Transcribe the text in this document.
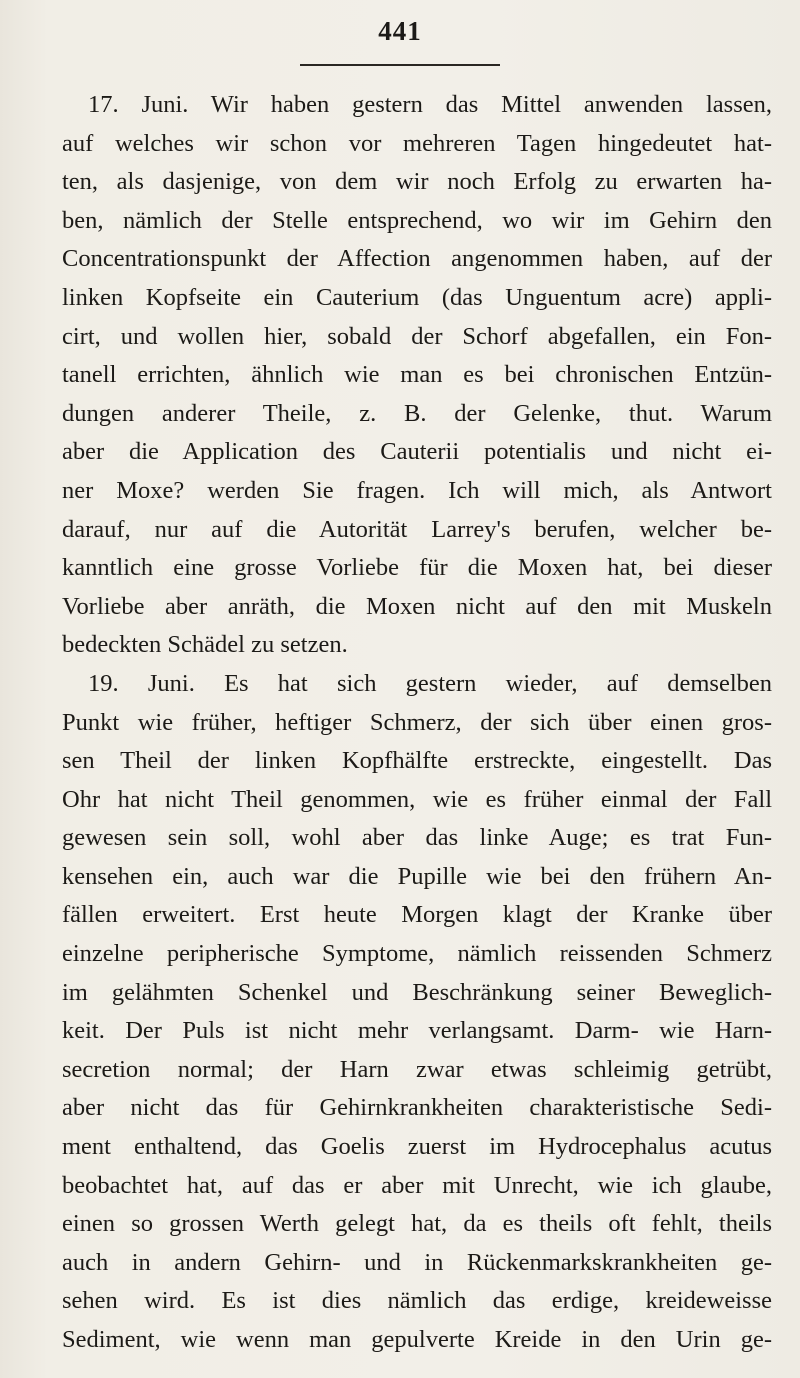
441
17. Juni. Wir haben gestern das Mittel anwenden lassen,
auf welches wir schon vor mehreren Tagen hingedeutet hat-
ten, als dasjenige, von dem wir noch Erfolg zu erwarten ha-
ben, nämlich der Stelle entsprechend, wo wir im Gehirn den
Concentrationspunkt der Affection angenommen haben, auf der
linken Kopfseite ein Cauterium (das Unguentum acre) appli-
cirt, und wollen hier, sobald der Schorf abgefallen, ein Fon-
tanell errichten, ähnlich wie man es bei chronischen Entzün-
dungen anderer Theile, z. B. der Gelenke, thut. Warum
aber die Application des Cauterii potentialis und nicht ei-
ner Moxe? werden Sie fragen. Ich will mich, als Antwort
darauf, nur auf die Autorität Larrey's berufen, welcher be-
kanntlich eine grosse Vorliebe für die Moxen hat, bei dieser
Vorliebe aber anräth, die Moxen nicht auf den mit Muskeln
bedeckten Schädel zu setzen.
19. Juni. Es hat sich gestern wieder, auf demselben
Punkt wie früher, heftiger Schmerz, der sich über einen gros-
sen Theil der linken Kopfhälfte erstreckte, eingestellt. Das
Ohr hat nicht Theil genommen, wie es früher einmal der Fall
gewesen sein soll, wohl aber das linke Auge; es trat Fun-
kensehen ein, auch war die Pupille wie bei den frühern An-
fällen erweitert. Erst heute Morgen klagt der Kranke über
einzelne peripherische Symptome, nämlich reissenden Schmerz
im gelähmten Schenkel und Beschränkung seiner Beweglich-
keit. Der Puls ist nicht mehr verlangsamt. Darm- wie Harn-
secretion normal; der Harn zwar etwas schleimig getrübt,
aber nicht das für Gehirnkrankheiten charakteristische Sedi-
ment enthaltend, das Goelis zuerst im Hydrocephalus acutus
beobachtet hat, auf das er aber mit Unrecht, wie ich glaube,
einen so grossen Werth gelegt hat, da es theils oft fehlt, theils
auch in andern Gehirn- und in Rückenmarkskrankheiten ge-
sehen wird. Es ist dies nämlich das erdige, kreideweisse
Sediment, wie wenn man gepulverte Kreide in den Urin ge-
